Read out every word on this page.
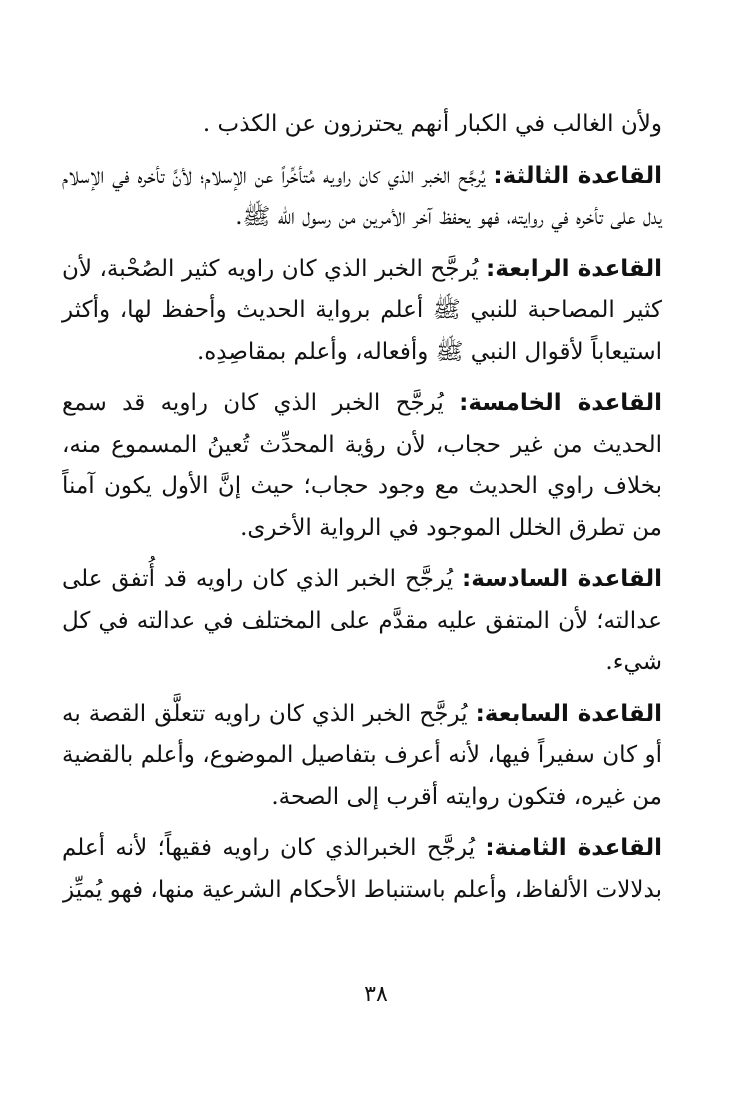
ولأن الغالب في الكبار أنهم يحترزون عن الكذب .

القاعدة الثالثة: يُرجَّح الخبر الذي كان راويه مُتأخِّراً عن الإسلام؛ لأنَّ تأخره في الإسلام يدل على تأخره في روايته، فهو يحفظ آخر الأمرين من رسول الله ﷺ.

القاعدة الرابعة: يُرجَّح الخبر الذي كان راويه كثير الصُحْبة، لأن كثير المصاحبة للنبي ﷺ أعلم برواية الحديث وأحفظ لها، وأكثر استيعاباً لأقوال النبي ﷺ وأفعاله، وأعلم بمقاصِدِه.

القاعدة الخامسة: يُرجَّح الخبر الذي كان راويه قد سمع الحديث من غير حجاب، لأن رؤية المحدِّث تُعينُ المسموع منه، بخلاف راوي الحديث مع وجود حجاب؛ حيث إنَّ الأول يكون آمناً من تطرق الخلل الموجود في الرواية الأخرى.

القاعدة السادسة: يُرجَّح الخبر الذي كان راويه قد أُتفق على عدالته؛ لأن المتفق عليه مقدَّم على المختلف في عدالته في كل شيء.

القاعدة السابعة: يُرجَّح الخبر الذي كان راويه تتعلَّق القصة به أو كان سفيراً فيها، لأنه أعرف بتفاصيل الموضوع، وأعلم بالقضية من غيره، فتكون روايته أقرب إلى الصحة.

القاعدة الثامنة: يُرجَّح الخبرالذي كان راويه فقيهاً؛ لأنه أعلم بدلالات الألفاظ، وأعلم باستنباط الأحكام الشرعية منها، فهو يُميِّز

٣٨
